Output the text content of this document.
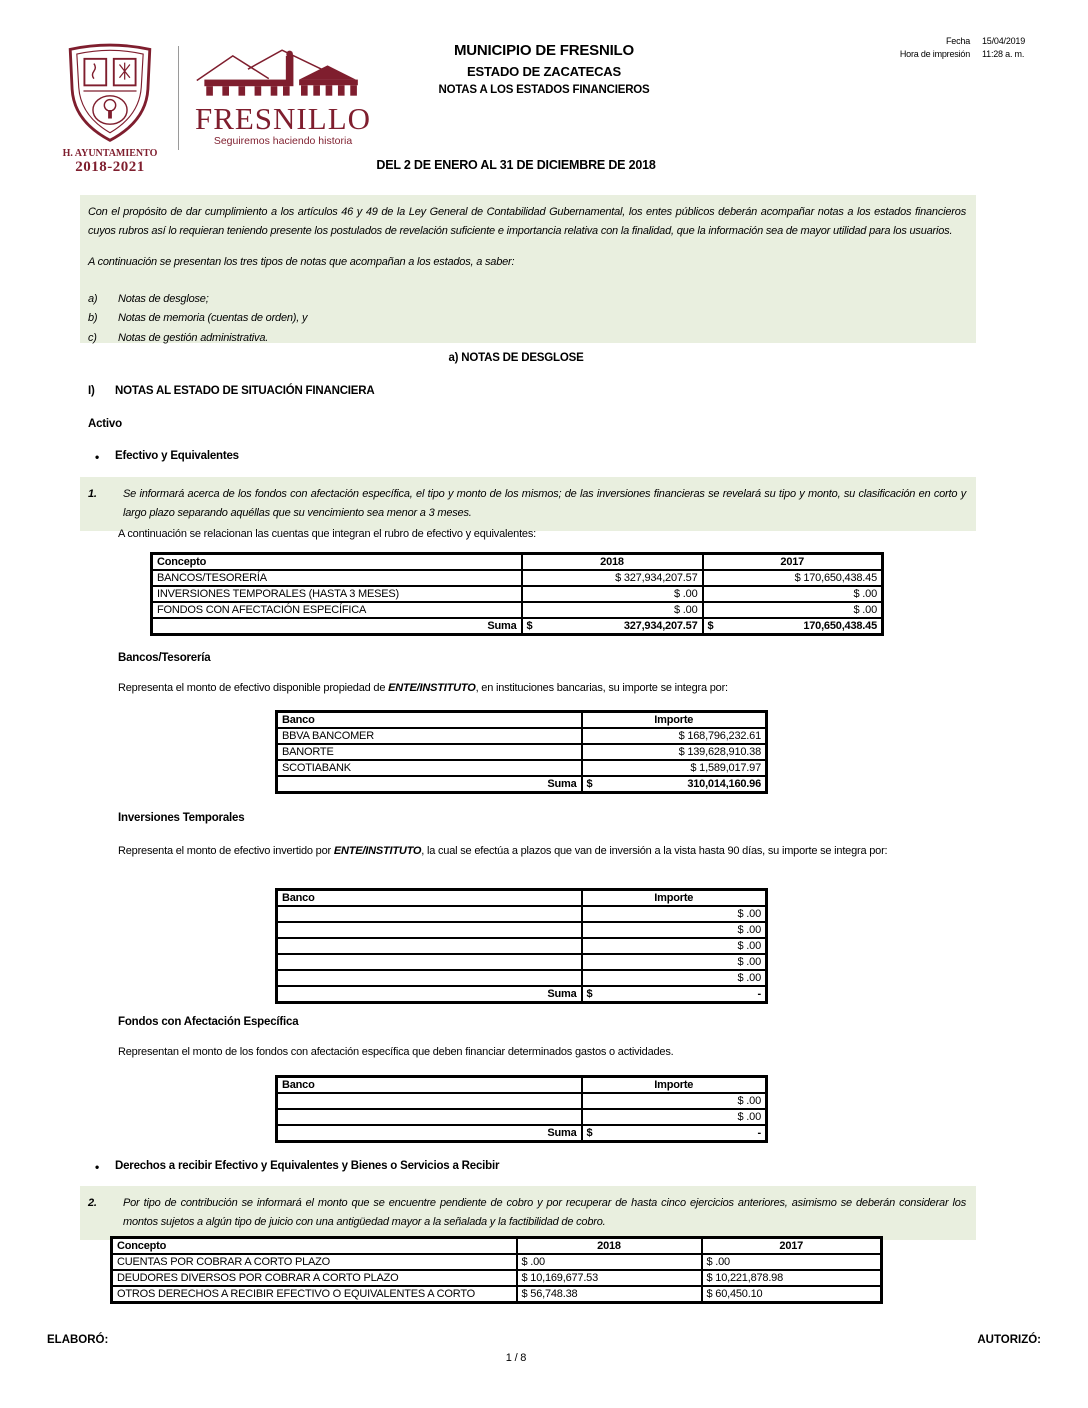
H. AYUNTAMIENTO
2018-2021
FRESNILLO
Seguiremos haciendo historia
MUNICIPIO DE FRESNILO
ESTADO DE ZACATECAS
NOTAS A LOS ESTADOS FINANCIEROS
Fecha 15/04/2019
Hora de impresión 11:28 a. m.
DEL 2 DE ENERO AL 31 DE DICIEMBRE DE 2018
Con el propósito de dar cumplimiento a los artículos 46 y 49 de la Ley General de Contabilidad Gubernamental, los entes públicos deberán acompañar notas a los estados financieros cuyos rubros así lo requieran teniendo presente los postulados de revelación suficiente e importancia relativa con la finalidad, que la información sea de mayor utilidad para los usuarios.
A continuación se presentan los tres tipos de notas que acompañan a los estados, a saber:
a)	Notas de desglose;
b)	Notas de memoria (cuentas de orden), y
c)	Notas de gestión administrativa.
a) NOTAS DE DESGLOSE
I)	NOTAS AL ESTADO DE SITUACIÓN FINANCIERA
Activo
•	Efectivo y Equivalentes
1.	Se informará acerca de los fondos con afectación específica, el tipo y monto de los mismos; de las inversiones financieras se revelará su tipo y monto, su clasificación en corto y largo plazo separando aquéllas que su vencimiento sea menor a 3 meses.
A continuación se relacionan las cuentas que integran el rubro de efectivo y equivalentes:
Concepto	2018	2017
BANCOS/TESORERÍA	$ 327,934,207.57	$ 170,650,438.45
INVERSIONES TEMPORALES (HASTA 3 MESES)	$ .00	$ .00
FONDOS CON AFECTACIÓN ESPECÍFICA	$ .00	$ .00
Suma	$ 327,934,207.57	$ 170,650,438.45
Bancos/Tesorería
Representa el monto de efectivo disponible propiedad de ENTE/INSTITUTO, en instituciones bancarias, su importe se integra por:
Banco	Importe
BBVA BANCOMER	$ 168,796,232.61
BANORTE	$ 139,628,910.38
SCOTIABANK	$ 1,589,017.97
Suma	$ 310,014,160.96
Inversiones Temporales
Representa el monto de efectivo invertido por ENTE/INSTITUTO, la cual se efectúa a plazos que van de inversión a la vista hasta 90 días, su importe se integra por:
Banco	Importe
	$ .00
	$ .00
	$ .00
	$ .00
	$ .00
Suma	$ -
Fondos con Afectación Específica
Representan el monto de los fondos con afectación específica que deben financiar determinados gastos o actividades.
Banco	Importe
	$ .00
	$ .00
Suma	$ -
•	Derechos a recibir Efectivo y Equivalentes y Bienes o Servicios a Recibir
2.	Por tipo de contribución se informará el monto que se encuentre pendiente de cobro y por recuperar de hasta cinco ejercicios anteriores, asimismo se deberán considerar los montos sujetos a algún tipo de juicio con una antigüedad mayor a la señalada y la factibilidad de cobro.
Concepto	2018	2017
CUENTAS POR COBRAR A CORTO PLAZO	$ .00	$ .00
DEUDORES DIVERSOS POR COBRAR A CORTO PLAZO	$ 10,169,677.53	$ 10,221,878.98
OTROS DERECHOS A RECIBIR EFECTIVO O EQUIVALENTES A CORTO	$ 56,748.38	$ 60,450.10
ELABORÓ:	AUTORIZÓ:
1 / 8
